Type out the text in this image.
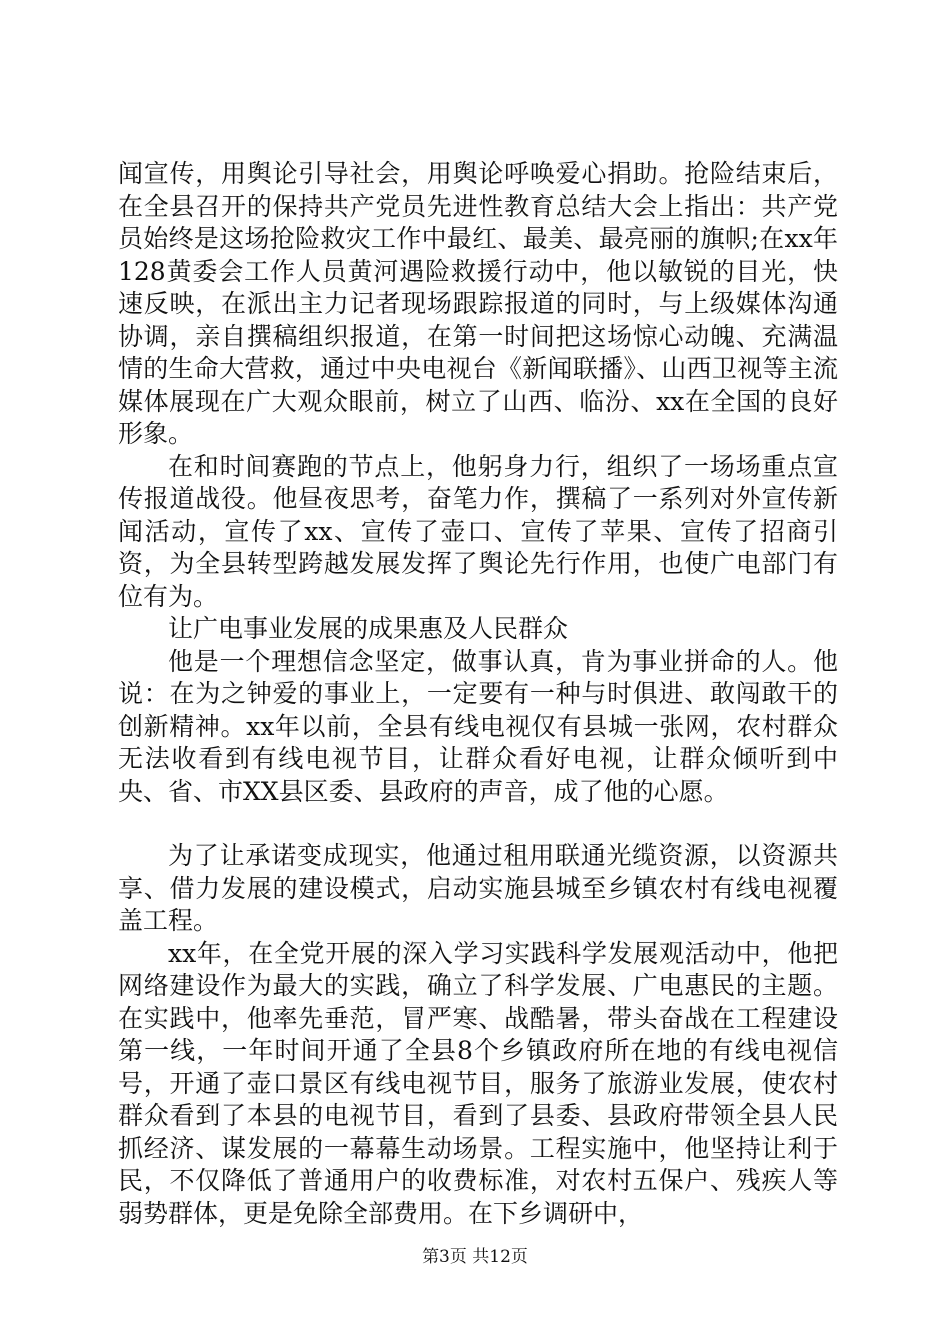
闻宣传，用舆论引导社会，用舆论呼唤爱心捐助。抢险结束后，在全县召开的保持共产党员先进性教育总结大会上指出：共产党员始终是这场抢险救灾工作中最红、最美、最亮丽的旗帜;在xx年128黄委会工作人员黄河遇险救援行动中，他以敏锐的目光，快速反映，在派出主力记者现场跟踪报道的同时，与上级媒体沟通协调，亲自撰稿组织报道，在第一时间把这场惊心动魄、充满温情的生命大营救，通过中央电视台《新闻联播》、山西卫视等主流媒体展现在广大观众眼前，树立了山西、临汾、xx在全国的良好形象。

在和时间赛跑的节点上，他躬身力行，组织了一场场重点宣传报道战役。他昼夜思考，奋笔力作，撰稿了一系列对外宣传新闻活动，宣传了xx、宣传了壶口、宣传了苹果、宣传了招商引资，为全县转型跨越发展发挥了舆论先行作用，也使广电部门有位有为。

让广电事业发展的成果惠及人民群众

他是一个理想信念坚定，做事认真，肯为事业拼命的人。他说：在为之钟爱的事业上，一定要有一种与时俱进、敢闯敢干的创新精神。xx年以前，全县有线电视仅有县城一张网，农村群众无法收看到有线电视节目，让群众看好电视，让群众倾听到中央、省、市XX县区委、县政府的声音，成了他的心愿。

为了让承诺变成现实，他通过租用联通光缆资源，以资源共享、借力发展的建设模式，启动实施县城至乡镇农村有线电视覆盖工程。

xx年，在全党开展的深入学习实践科学发展观活动中，他把网络建设作为最大的实践，确立了科学发展、广电惠民的主题。在实践中，他率先垂范，冒严寒、战酷暑，带头奋战在工程建设第一线，一年时间开通了全县8个乡镇政府所在地的有线电视信号，开通了壶口景区有线电视节目，服务了旅游业发展，使农村群众看到了本县的电视节目，看到了县委、县政府带领全县人民抓经济、谋发展的一幕幕生动场景。工程实施中，他坚持让利于民，不仅降低了普通用户的收费标准，对农村五保户、残疾人等弱势群体，更是免除全部费用。在下乡调研中，

第3页 共12页
